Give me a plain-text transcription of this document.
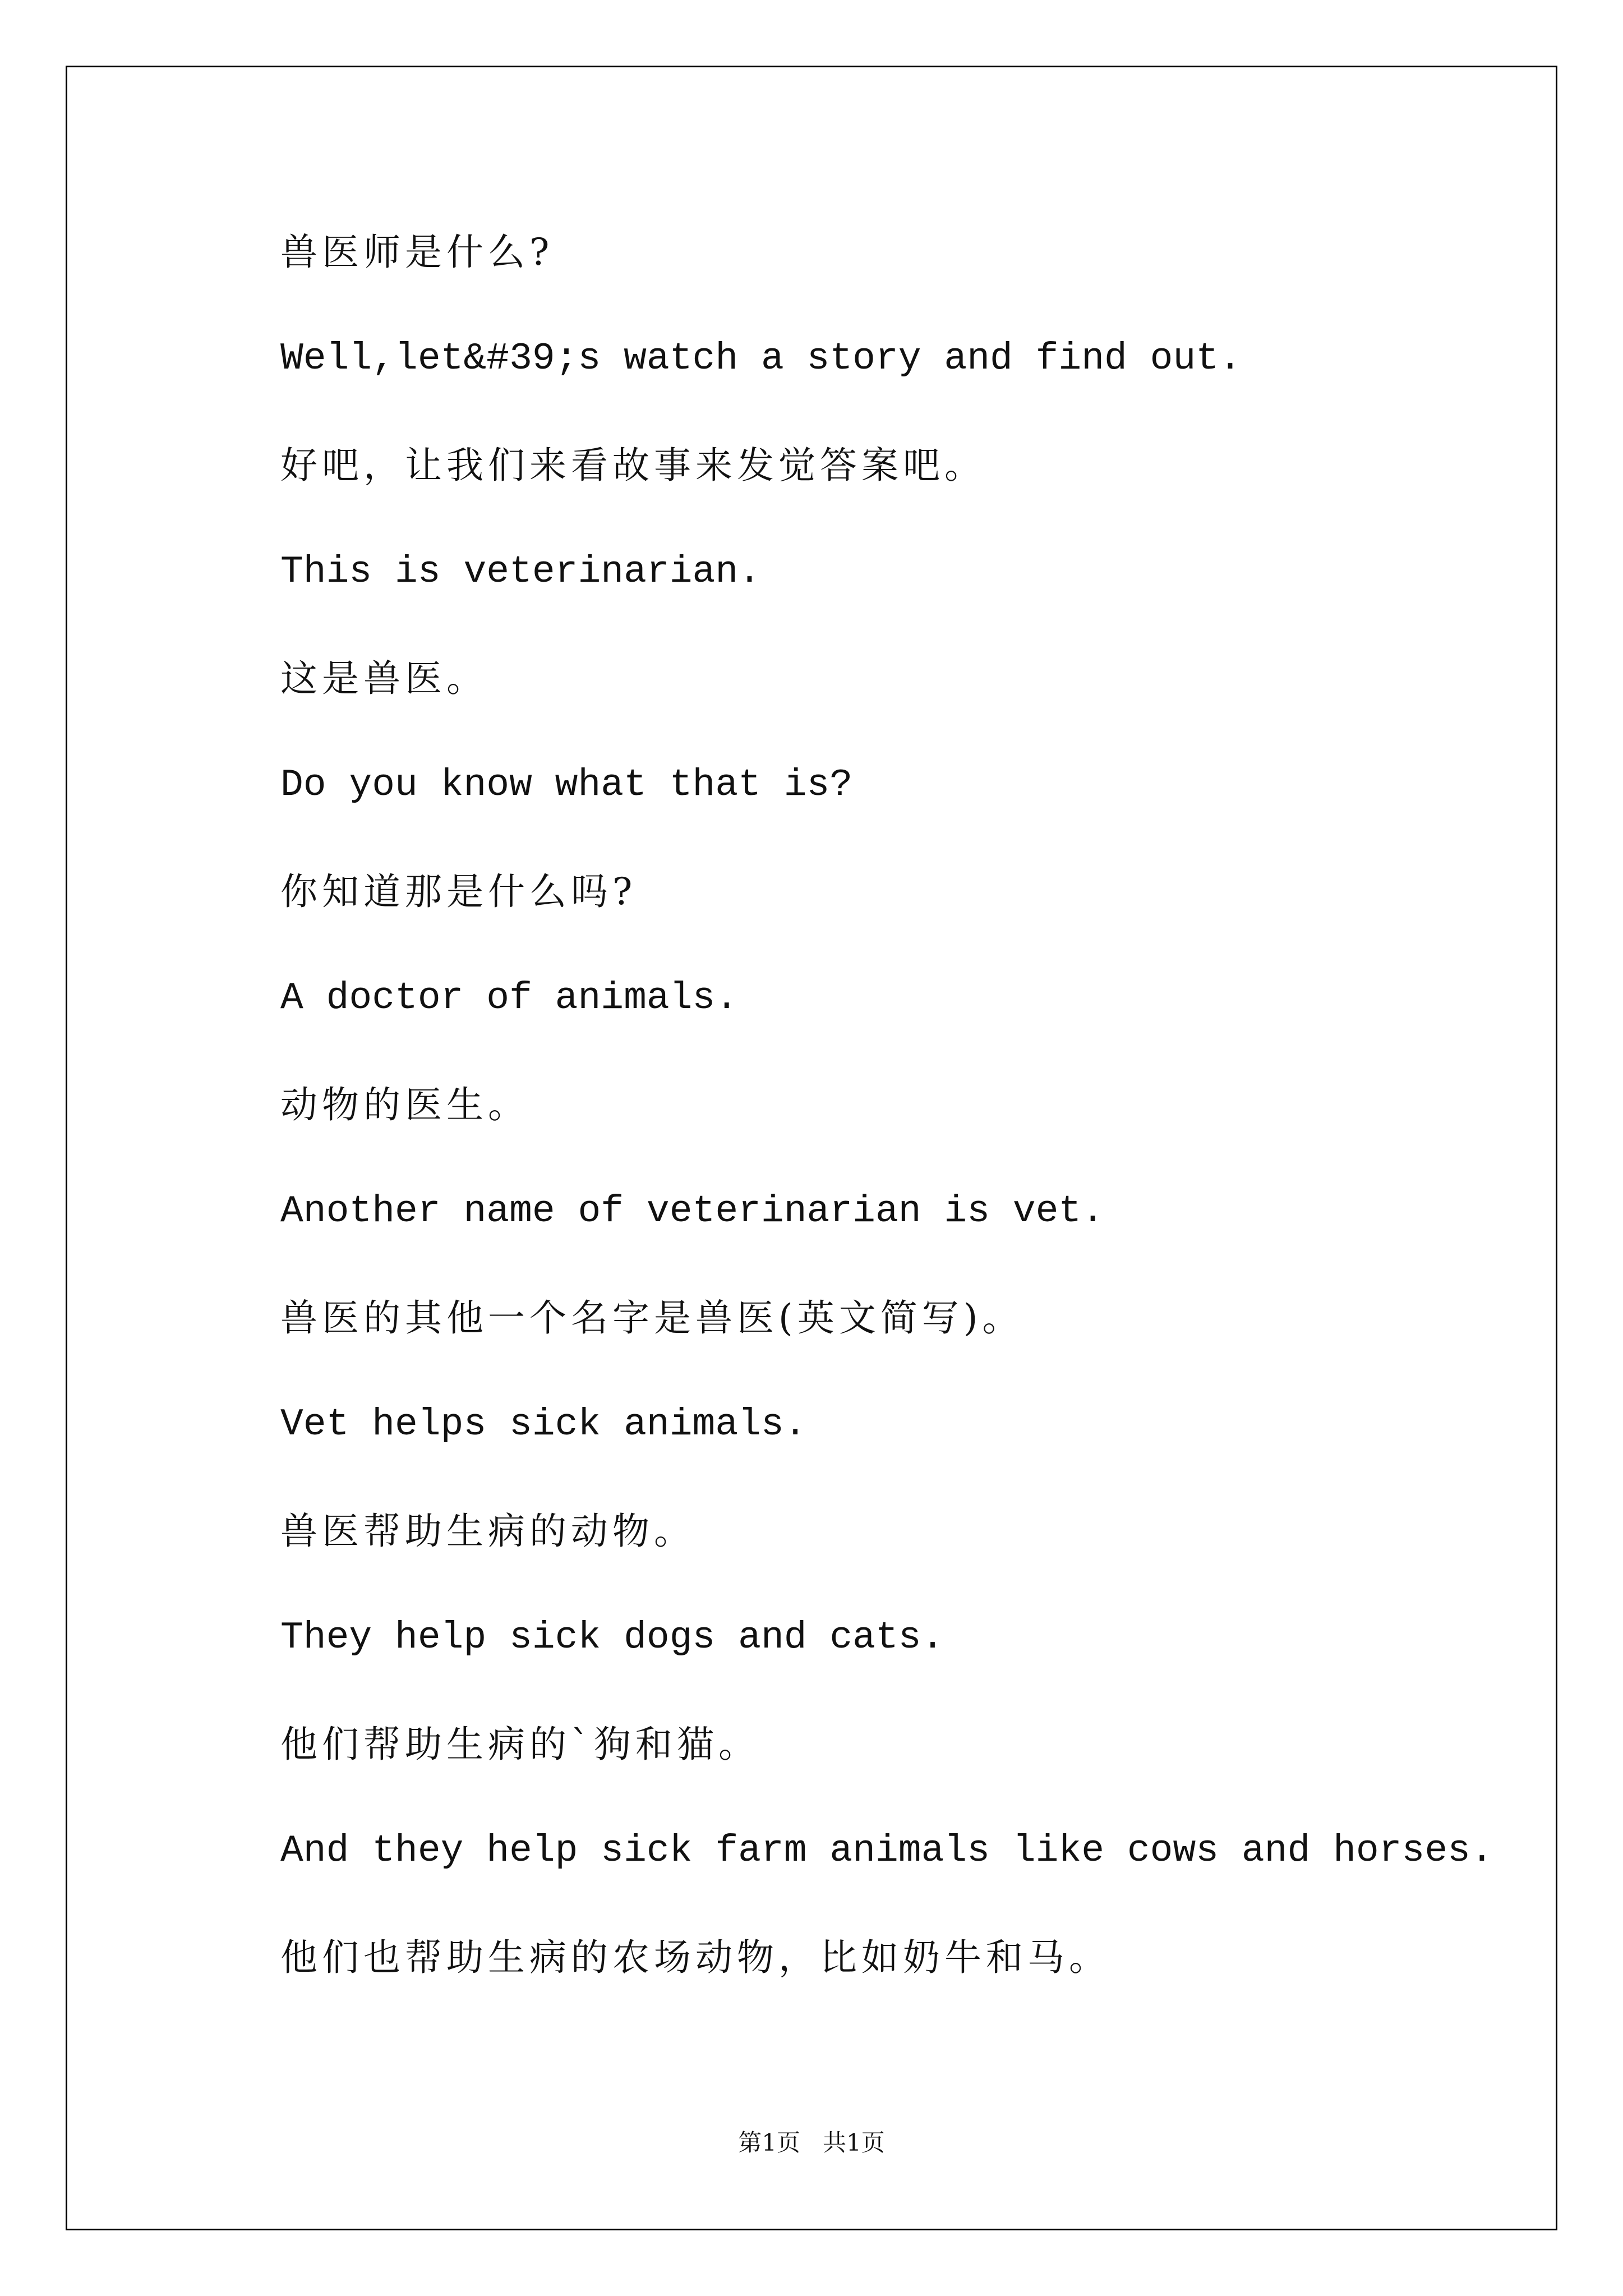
兽医师是什么?

Well,let&#39;s watch a story and find out.

好吧，让我们来看故事来发觉答案吧。

This is veterinarian.

这是兽医。

Do you know what that is?

你知道那是什么吗?

A doctor of animals.

动物的医生。

Another name of veterinarian is vet.

兽医的其他一个名字是兽医(英文简写)。

Vet helps sick animals.

兽医帮助生病的动物。

They help sick dogs and cats.

他们帮助生病的`狗和猫。

And they help sick farm animals like cows and horses.

他们也帮助生病的农场动物，比如奶牛和马。

第1页   共1页
